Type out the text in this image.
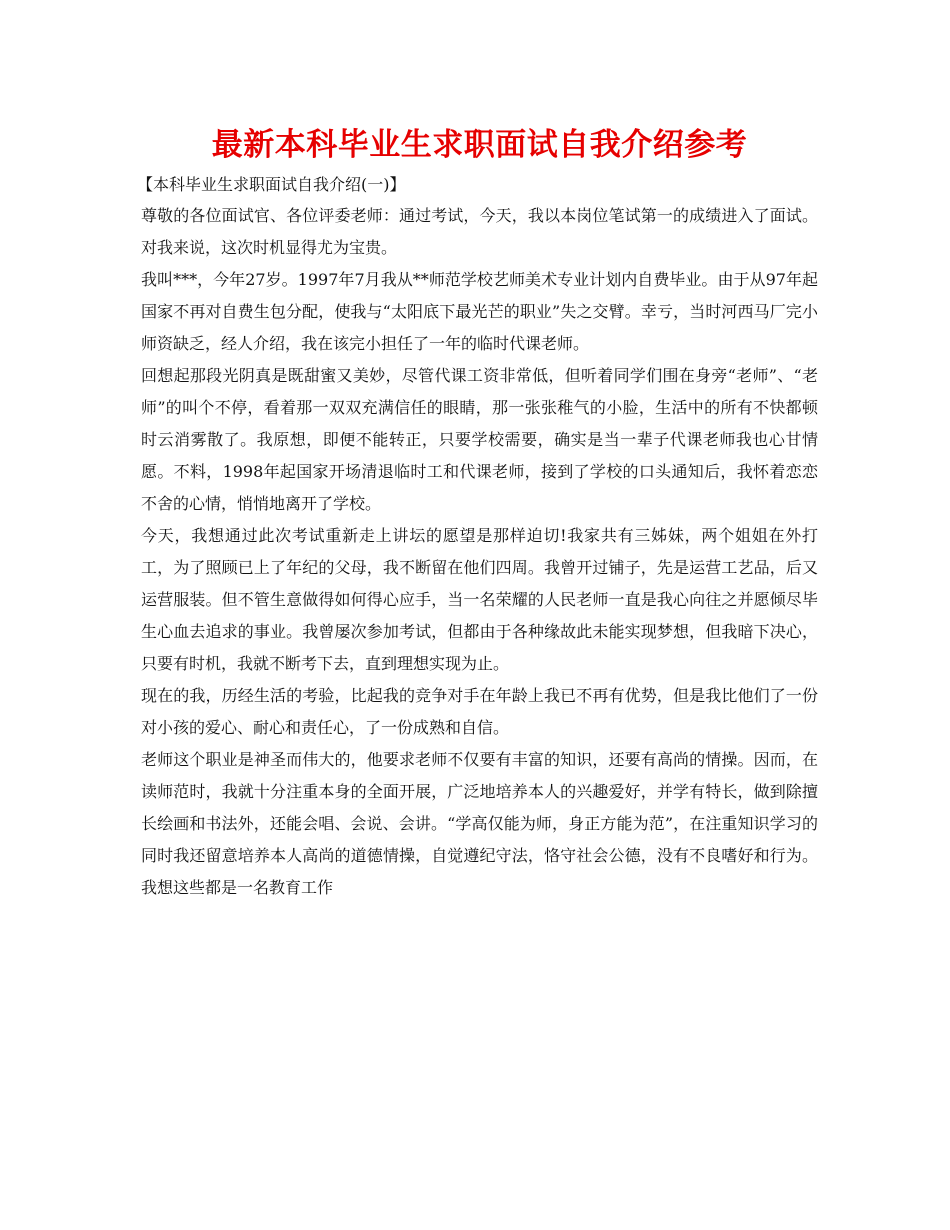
最新本科毕业生求职面试自我介绍参考
【本科毕业生求职面试自我介绍(一)】

尊敬的各位面试官、各位评委老师：通过考试，今天，我以本岗位笔试第一的成绩进入了面试。对我来说，这次时机显得尤为宝贵。

我叫***，今年27岁。1997年7月我从**师范学校艺师美术专业计划内自费毕业。由于从97年起国家不再对自费生包分配，使我与“太阳底下最光芒的职业”失之交臂。幸亏，当时河西马厂完小师资缺乏，经人介绍，我在该完小担任了一年的临时代课老师。

回想起那段光阴真是既甜蜜又美妙，尽管代课工资非常低，但听着同学们围在身旁“老师”、“老师”的叫个不停，看着那一双双充满信任的眼睛，那一张张稚气的小脸，生活中的所有不快都顿时云消雾散了。我原想，即便不能转正，只要学校需要，确实是当一辈子代课老师我也心甘情愿。不料，1998年起国家开场清退临时工和代课老师，接到了学校的口头通知后，我怀着恋恋不舍的心情，悄悄地离开了学校。

今天，我想通过此次考试重新走上讲坛的愿望是那样迫切!我家共有三姊妹，两个姐姐在外打工，为了照顾已上了年纪的父母，我不断留在他们四周。我曾开过铺子，先是运营工艺品，后又运营服装。但不管生意做得如何得心应手，当一名荣耀的人民老师一直是我心向往之并愿倾尽毕生心血去追求的事业。我曾屡次参加考试，但都由于各种缘故此未能实现梦想，但我暗下决心，只要有时机，我就不断考下去，直到理想实现为止。

现在的我，历经生活的考验，比起我的竞争对手在年龄上我已不再有优势，但是我比他们了一份对小孩的爱心、耐心和责任心，了一份成熟和自信。

老师这个职业是神圣而伟大的，他要求老师不仅要有丰富的知识，还要有高尚的情操。因而，在读师范时，我就十分注重本身的全面开展，广泛地培养本人的兴趣爱好，并学有特长，做到除擅长绘画和书法外，还能会唱、会说、会讲。“学高仅能为师，身正方能为范”，在注重知识学习的同时我还留意培养本人高尚的道德情操，自觉遵纪守法，恪守社会公德，没有不良嗜好和行为。我想这些都是一名教育工作
